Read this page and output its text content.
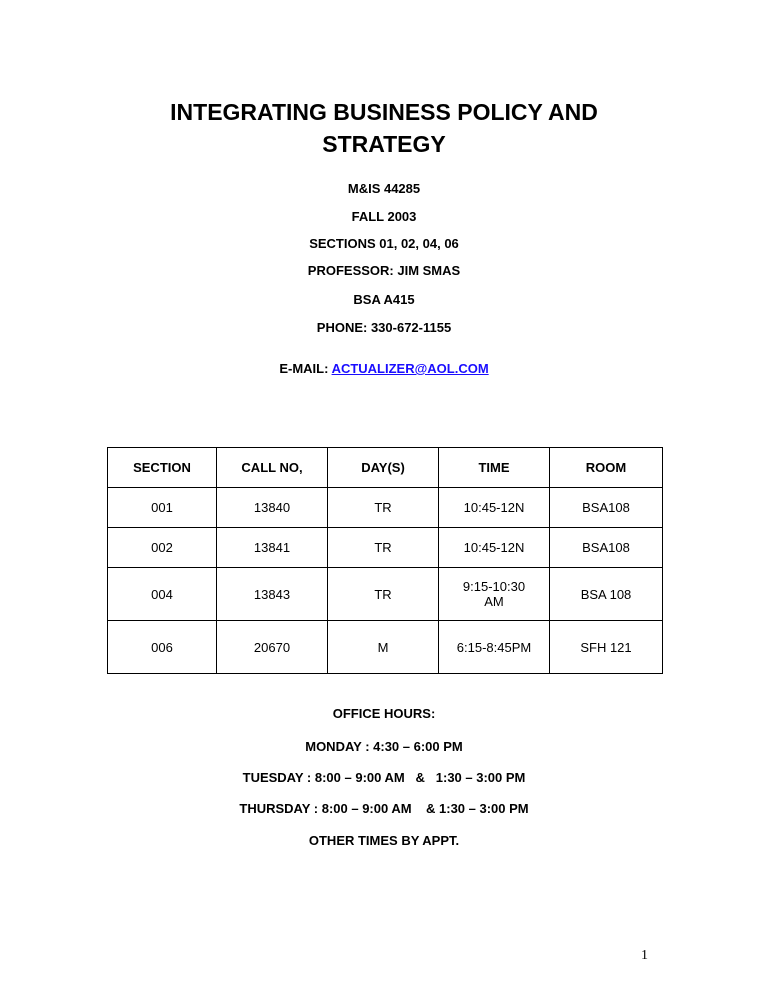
INTEGRATING BUSINESS POLICY AND
STRATEGY
M&IS 44285
FALL 2003
SECTIONS 01, 02, 04, 06
PROFESSOR: JIM SMAS
BSA A415
PHONE: 330-672-1155
E-MAIL: ACTUALIZER@AOL.COM
SECTION	CALL NO,	DAY(S)	TIME	ROOM
001	13840	TR	10:45-12N	BSA108
002	13841	TR	10:45-12N	BSA108
004	13843	TR	9:15-10:30 AM	BSA 108
006	20670	M	6:15-8:45PM	SFH 121
OFFICE HOURS:
MONDAY : 4:30 – 6:00 PM
TUESDAY : 8:00 – 9:00 AM   &   1:30 – 3:00 PM
THURSDAY : 8:00 – 9:00 AM    & 1:30 – 3:00 PM
OTHER TIMES BY APPT.
1
